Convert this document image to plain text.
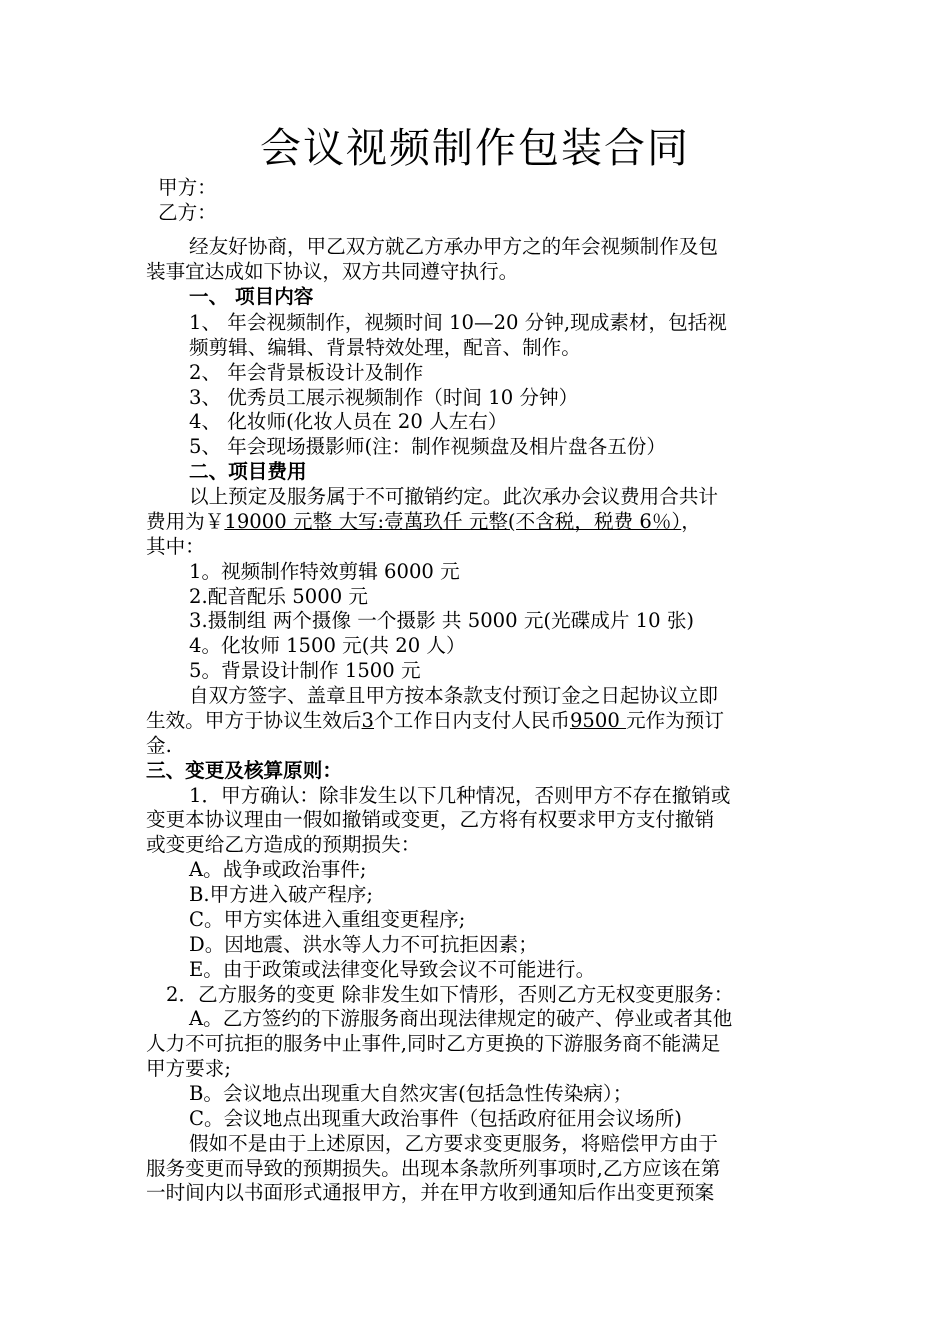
会议视频制作包装合同
甲方：
乙方：
经友好协商，甲乙双方就乙方承办甲方之的年会视频制作及包
装事宜达成如下协议，双方共同遵守执行。
一、 项目内容
1、 年会视频制作，视频时间 10—20 分钟,现成素材，包括视
频剪辑、编辑、背景特效处理，配音、制作。
2、 年会背景板设计及制作
3、 优秀员工展示视频制作（时间 10 分钟）
4、 化妆师(化妆人员在 20 人左右）
5、 年会现场摄影师(注：制作视频盘及相片盘各五份）
二、项目费用
以上预定及服务属于不可撤销约定。此次承办会议费用合共计
费用为￥19000 元整 大写:壹萬玖仟 元整(不含税，税费 6％），
其中：
1。视频制作特效剪辑 6000 元
2.配音配乐 5000 元
3.摄制组 两个摄像 一个摄影 共 5000 元(光碟成片 10 张)
4。化妆师 1500 元(共 20 人）
5。背景设计制作 1500 元
自双方签字、盖章且甲方按本条款支付预订金之日起协议立即
生效。甲方于协议生效后3个工作日内支付人民币9500 元作为预订
金.
三、变更及核算原则：
1．甲方确认：除非发生以下几种情况，否则甲方不存在撤销或
变更本协议理由一假如撤销或变更，乙方将有权要求甲方支付撤销
或变更给乙方造成的预期损失：
A。战争或政治事件;
B.甲方进入破产程序;
C。甲方实体进入重组变更程序;
D。因地震、洪水等人力不可抗拒因素；
E。由于政策或法律变化导致会议不可能进行。
2．乙方服务的变更 除非发生如下情形，否则乙方无权变更服务：
A。乙方签约的下游服务商出现法律规定的破产、停业或者其他
人力不可抗拒的服务中止事件,同时乙方更换的下游服务商不能满足
甲方要求;
B。会议地点出现重大自然灾害(包括急性传染病）；
C。会议地点出现重大政治事件（包括政府征用会议场所)
假如不是由于上述原因，乙方要求变更服务，将赔偿甲方由于
服务变更而导致的预期损失。出现本条款所列事项时,乙方应该在第
一时间内以书面形式通报甲方，并在甲方收到通知后作出变更预案
